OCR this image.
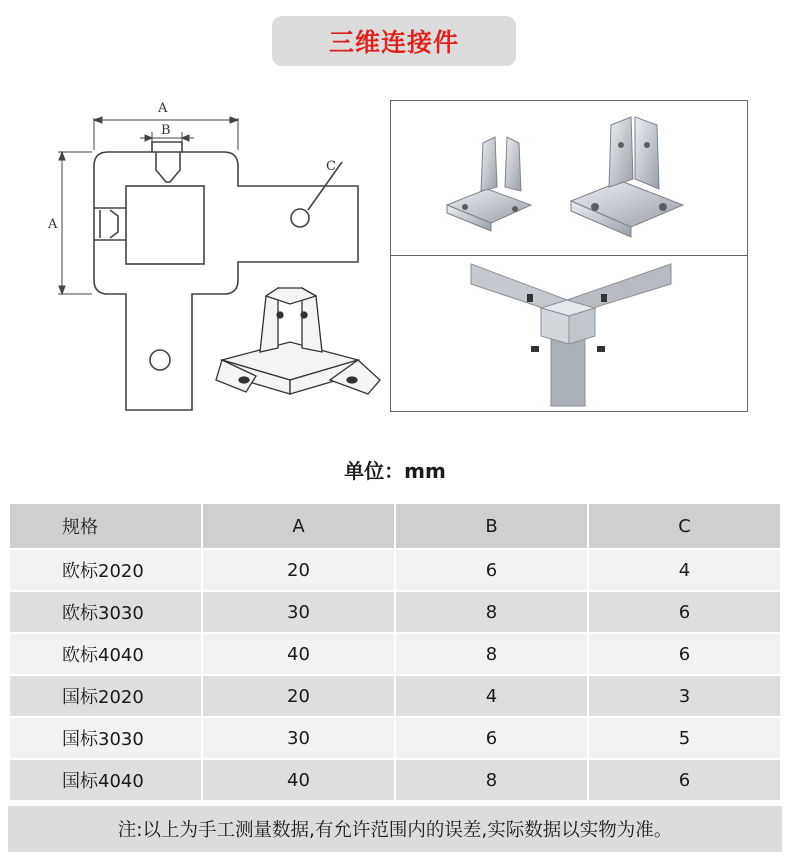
三维连接件
A
B
A
C
单位：mm
规格	A	B	C
欧标2020	20	6	4
欧标3030	30	8	6
欧标4040	40	8	6
国标2020	20	4	3
国标3030	30	6	5
国标4040	40	8	6
注:以上为手工测量数据,有允许范围内的误差,实际数据以实物为准。
